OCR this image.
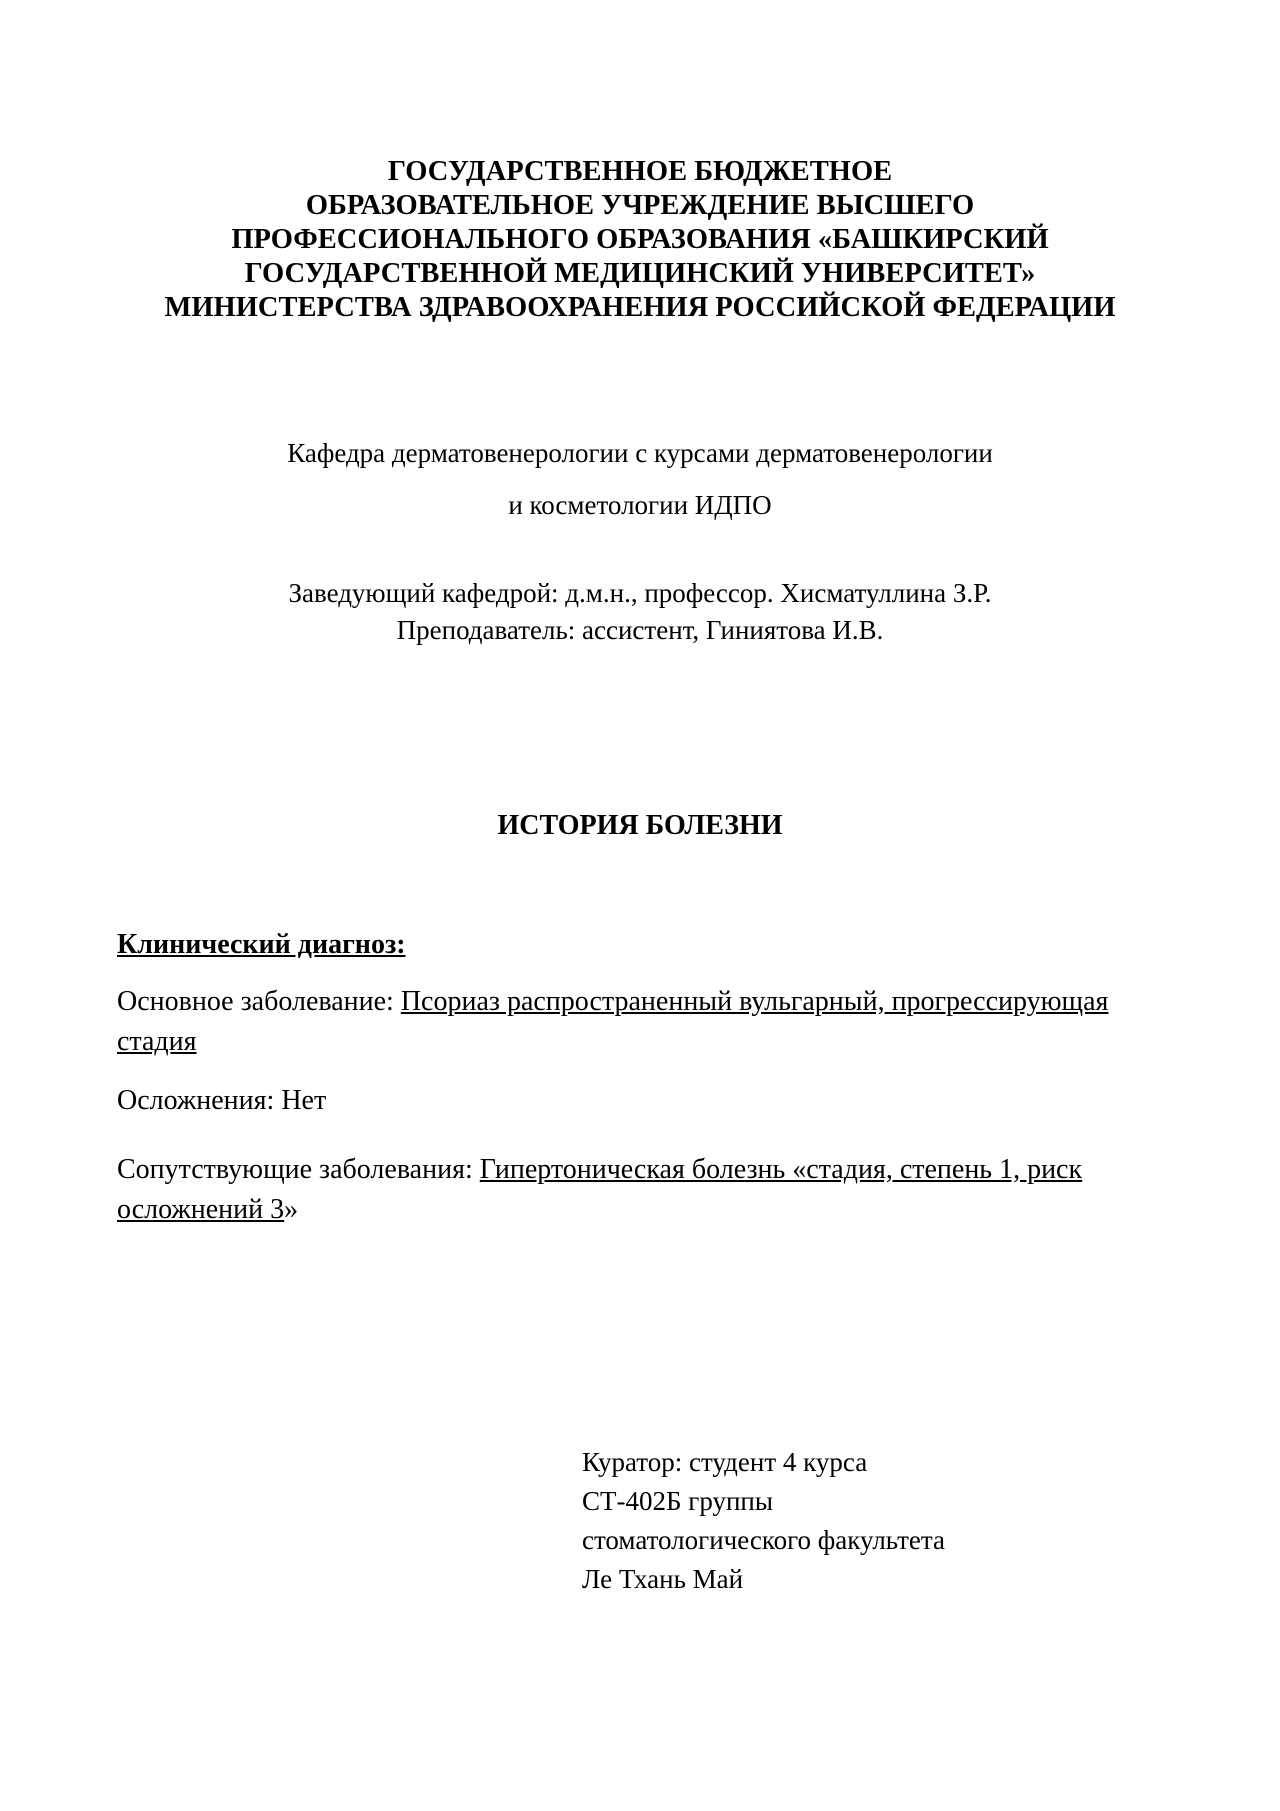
ГОСУДАРСТВЕННОЕ БЮДЖЕТНОЕ
ОБРАЗОВАТЕЛЬНОЕ УЧРЕЖДЕНИЕ ВЫСШЕГО
ПРОФЕССИОНАЛЬНОГО ОБРАЗОВАНИЯ «БАШКИРСКИЙ
ГОСУДАРСТВЕННОЙ МЕДИЦИНСКИЙ УНИВЕРСИТЕТ»
МИНИСТЕРСТВА ЗДРАВООХРАНЕНИЯ РОССИЙСКОЙ ФЕДЕРАЦИИ
Кафедра дерматовенерологии с курсами дерматовенерологии
и косметологии ИДПО
Заведующий кафедрой: д.м.н., профессор. Хисматуллина З.Р.
Преподаватель: ассистент, Гиниятова И.В.
ИСТОРИЯ БОЛЕЗНИ
Клинический диагноз:
Основное заболевание: Псориаз распространенный вульгарный, прогрессирующая стадия
Осложнения: Нет
Сопутствующие заболевания: Гипертоническая болезнь «стадия, степень 1, риск осложнений 3»
Куратор: студент 4 курса
СТ-402Б группы
стоматологического факультета
Ле Тхань Май
